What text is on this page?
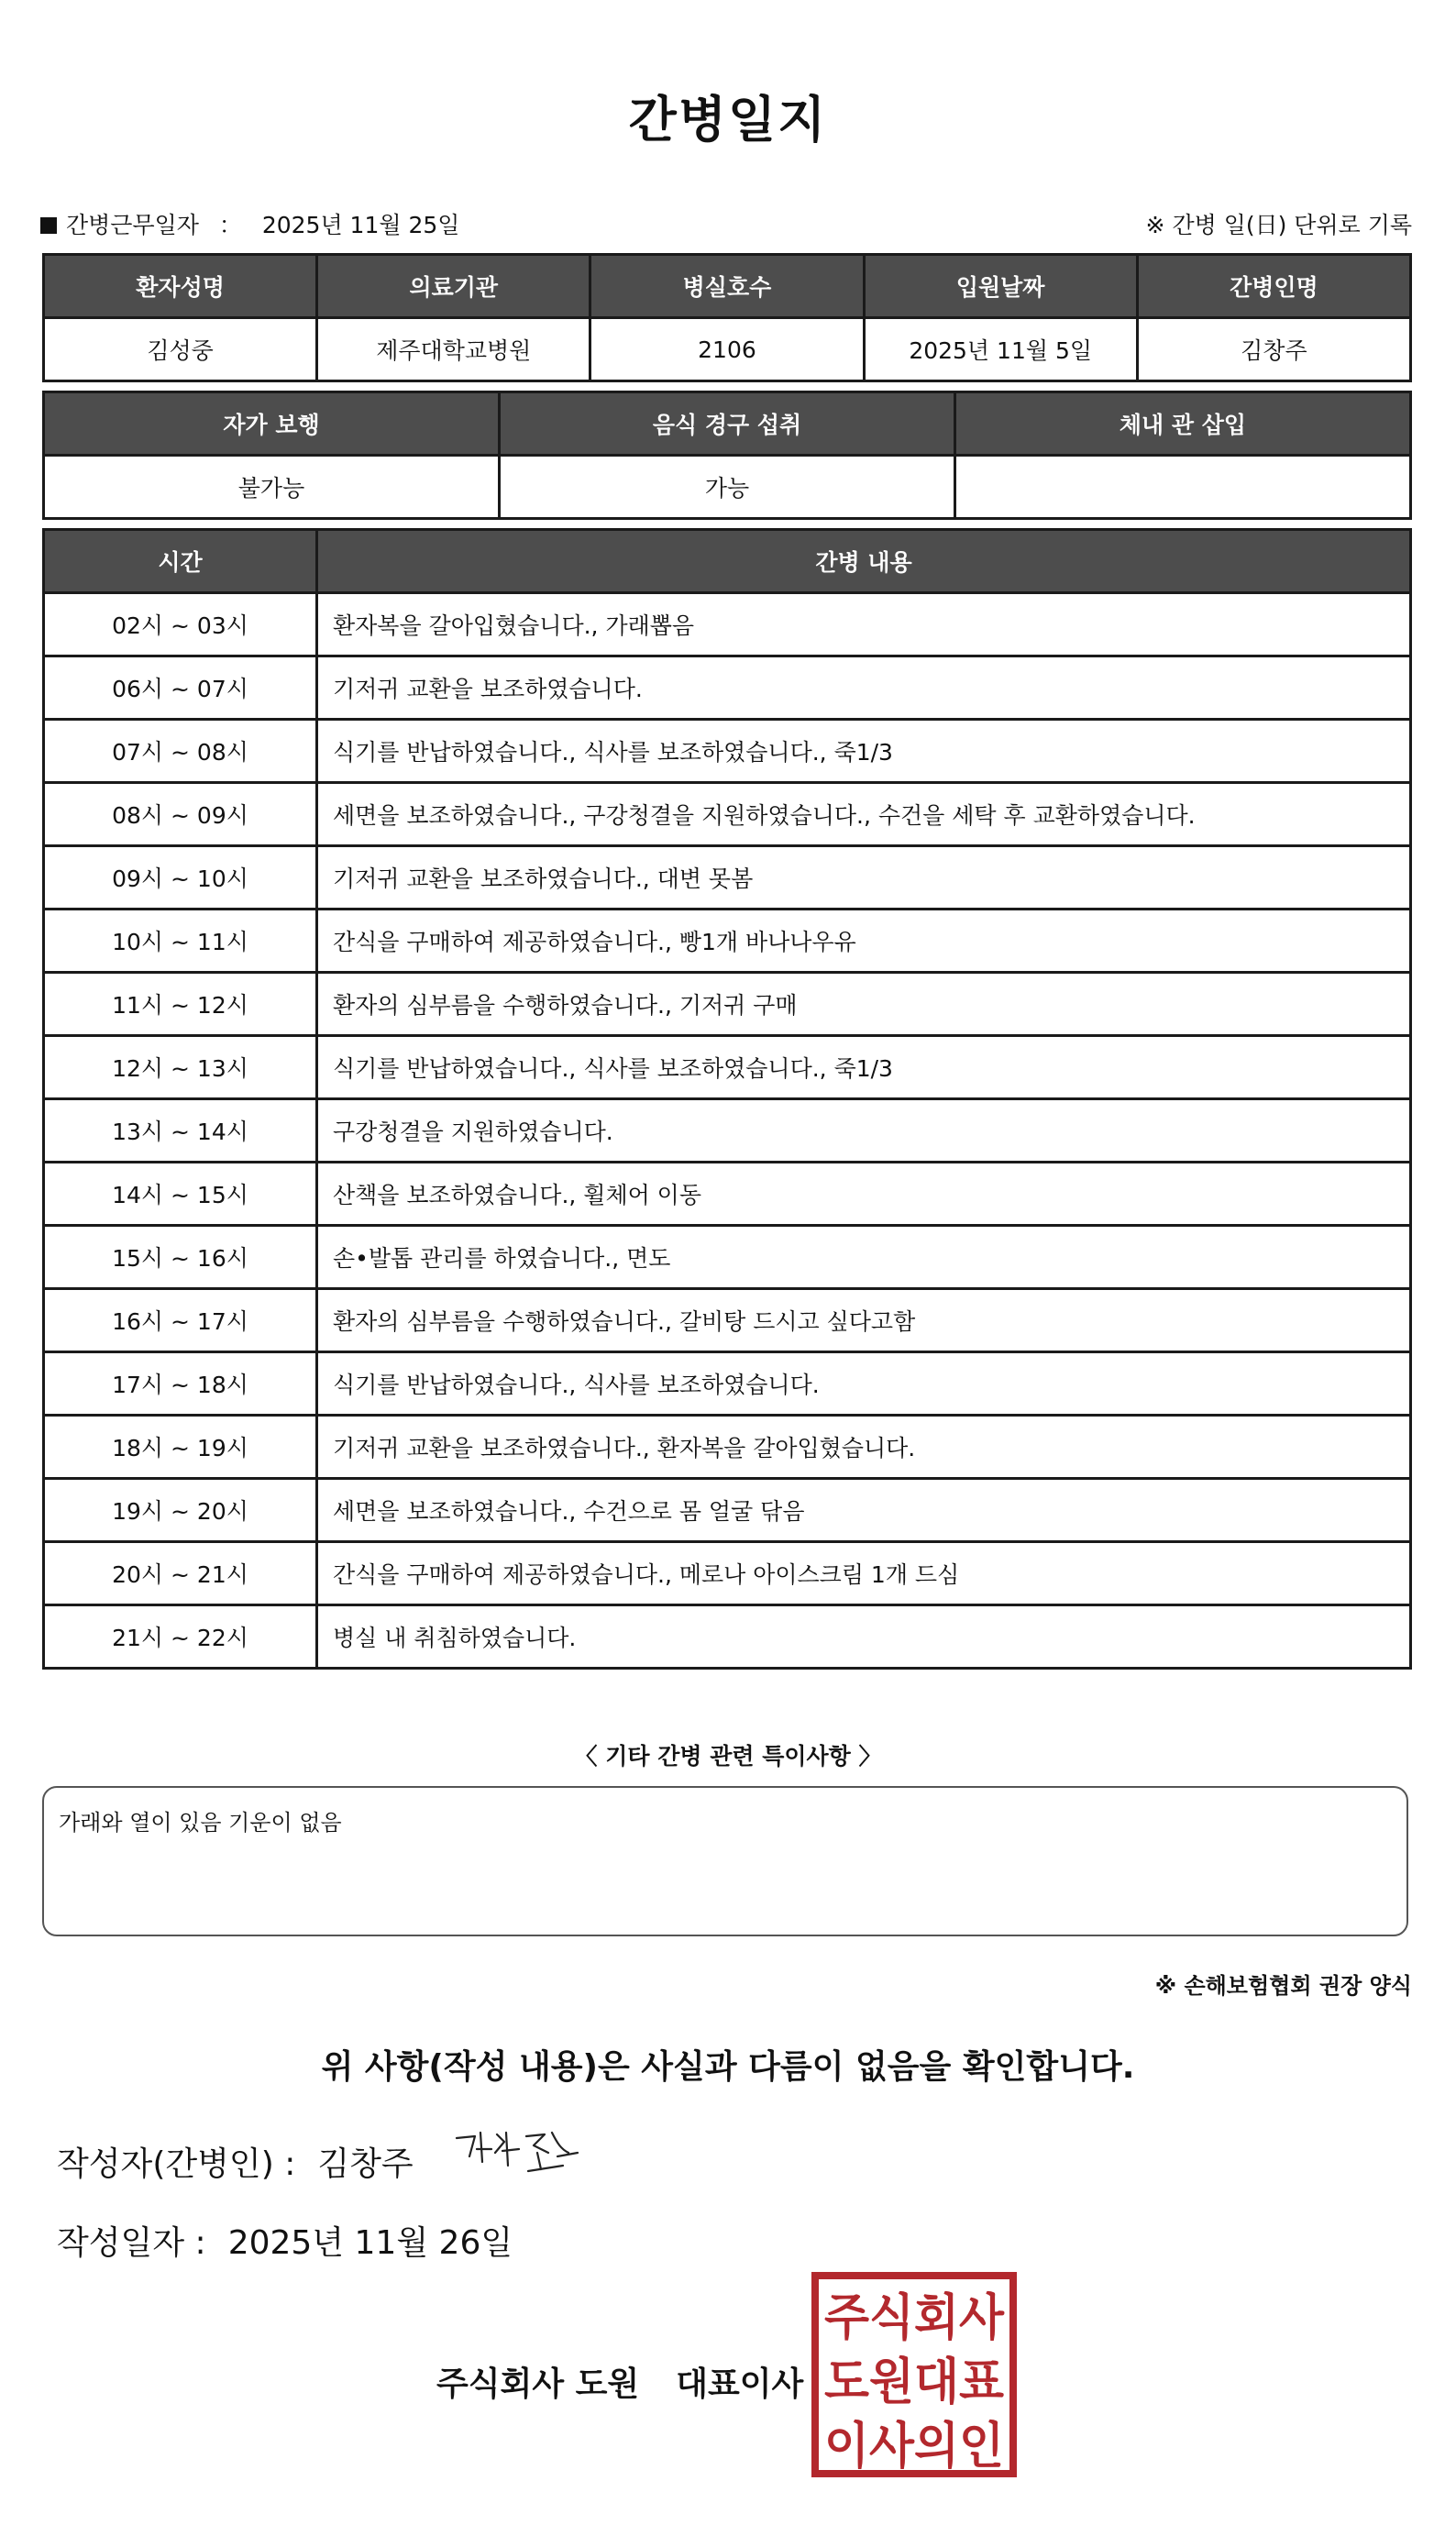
간병일지
간병근무일자 ： 2025년 11월 25일	※ 간병 일(日) 단위로 기록
환자성명	의료기관	병실호수	입원날짜	간병인명
김성중	제주대학교병원	2106	2025년 11월 5일	김창주
자가 보행	음식 경구 섭취	체내 관 삽입
불가능	가능	
시간	간병 내용
02시 ~ 03시	환자복을 갈아입혔습니다., 가래뽑음
06시 ~ 07시	기저귀 교환을 보조하였습니다.
07시 ~ 08시	식기를 반납하였습니다., 식사를 보조하였습니다., 죽1/3
08시 ~ 09시	세면을 보조하였습니다., 구강청결을 지원하였습니다., 수건을 세탁 후 교환하였습니다.
09시 ~ 10시	기저귀 교환을 보조하였습니다., 대변 못봄
10시 ~ 11시	간식을 구매하여 제공하였습니다., 빵1개 바나나우유
11시 ~ 12시	환자의 심부름을 수행하였습니다., 기저귀 구매
12시 ~ 13시	식기를 반납하였습니다., 식사를 보조하였습니다., 죽1/3
13시 ~ 14시	구강청결을 지원하였습니다.
14시 ~ 15시	산책을 보조하였습니다., 휠체어 이동
15시 ~ 16시	손•발톱 관리를 하였습니다., 면도
16시 ~ 17시	환자의 심부름을 수행하였습니다., 갈비탕 드시고 싶다고함
17시 ~ 18시	식기를 반납하였습니다., 식사를 보조하였습니다.
18시 ~ 19시	기저귀 교환을 보조하였습니다., 환자복을 갈아입혔습니다.
19시 ~ 20시	세면을 보조하였습니다., 수건으로 몸 얼굴 닦음
20시 ~ 21시	간식을 구매하여 제공하였습니다., 메로나 아이스크림 1개 드심
21시 ~ 22시	병실 내 취침하였습니다.
〈 기타 간병 관련 특이사항 〉
가래와 열이 있음 기운이 없음
※ 손해보험협회 권장 양식
위 사항(작성 내용)은 사실과 다름이 없음을 확인합니다.
작성자(간병인) : 김창주
작성일자 : 2025년 11월 26일
주식회사 도원 대표이사
주식회사
도원대표
이사의인
